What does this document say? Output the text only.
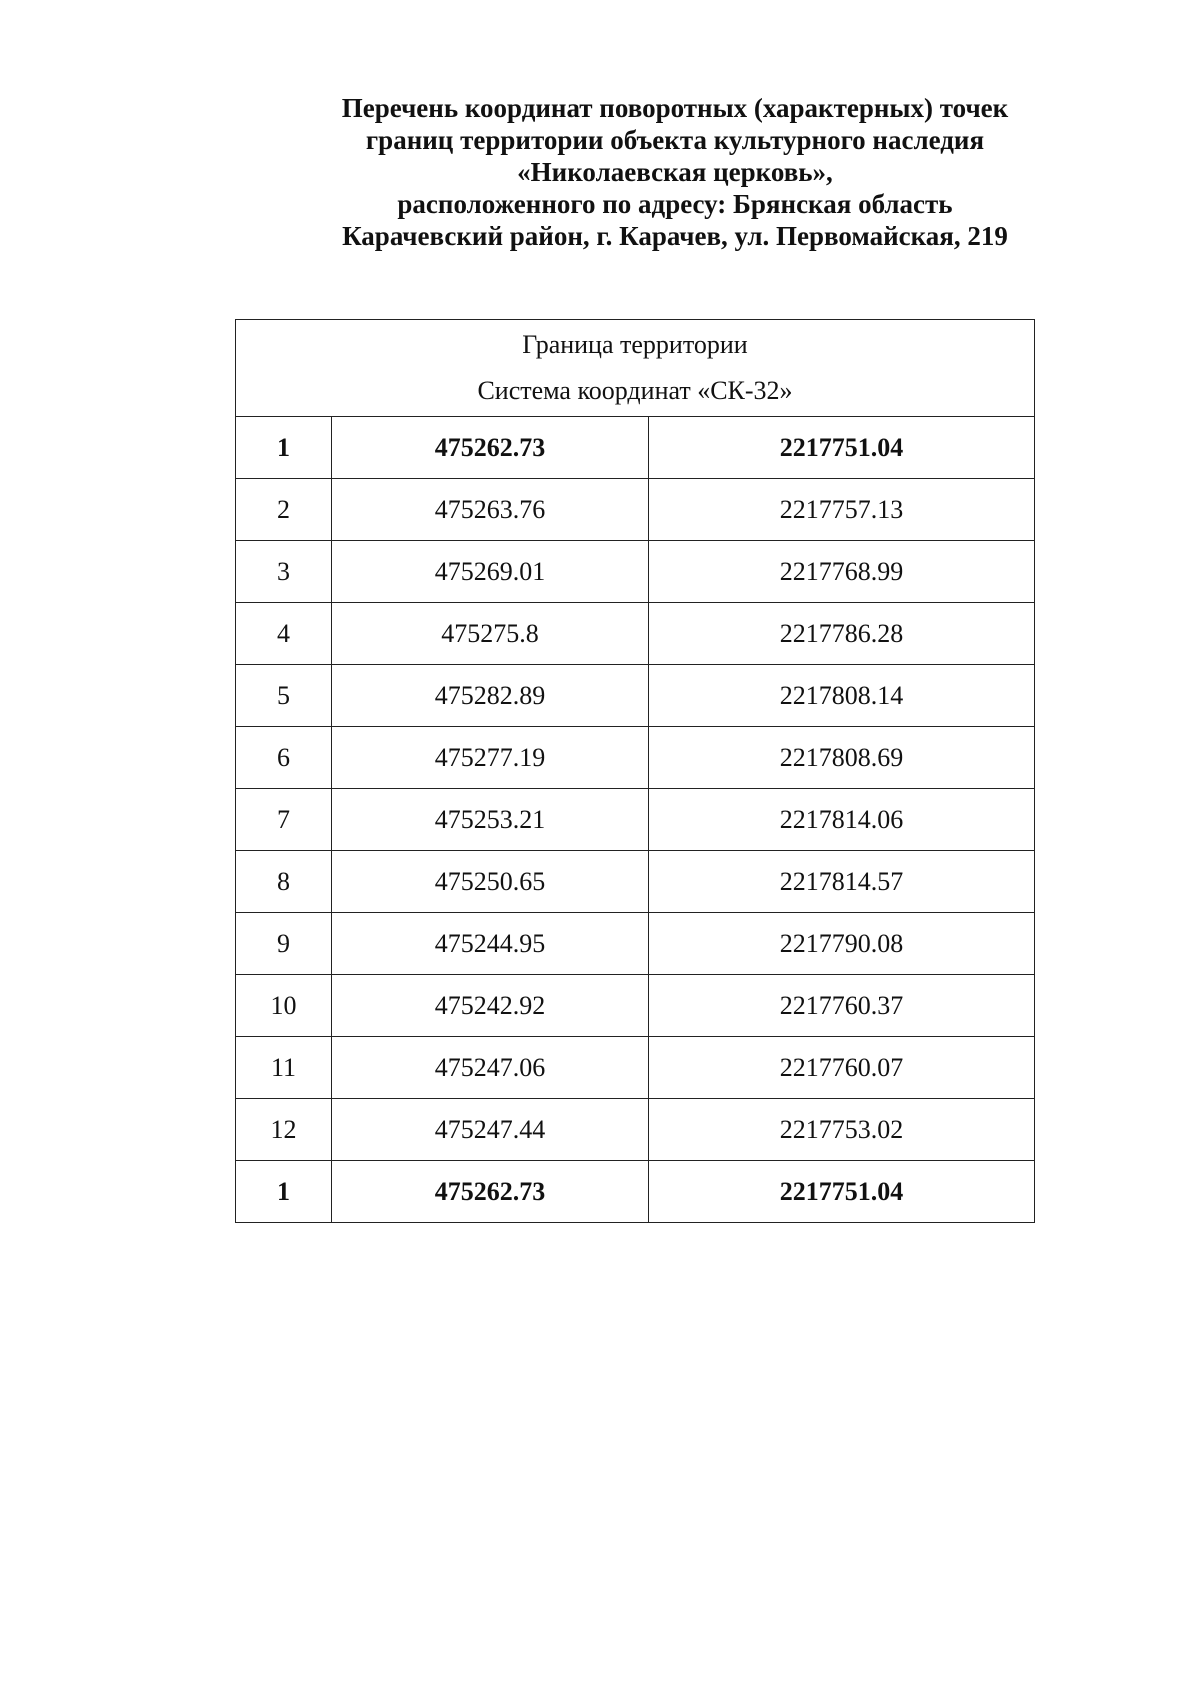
Перечень координат поворотных (характерных) точек
границ территории объекта культурного наследия
«Николаевская церковь»,
расположенного по адресу: Брянская область
Карачевский район, г. Карачев, ул. Первомайская, 219
Граница территории
Система координат «СК-32»		

1	475262.73	2217751.04
2	475263.76	2217757.13
3	475269.01	2217768.99
4	475275.8	2217786.28
5	475282.89	2217808.14
6	475277.19	2217808.69
7	475253.21	2217814.06
8	475250.65	2217814.57
9	475244.95	2217790.08
10	475242.92	2217760.37
11	475247.06	2217760.07
12	475247.44	2217753.02
1	475262.73	2217751.04
